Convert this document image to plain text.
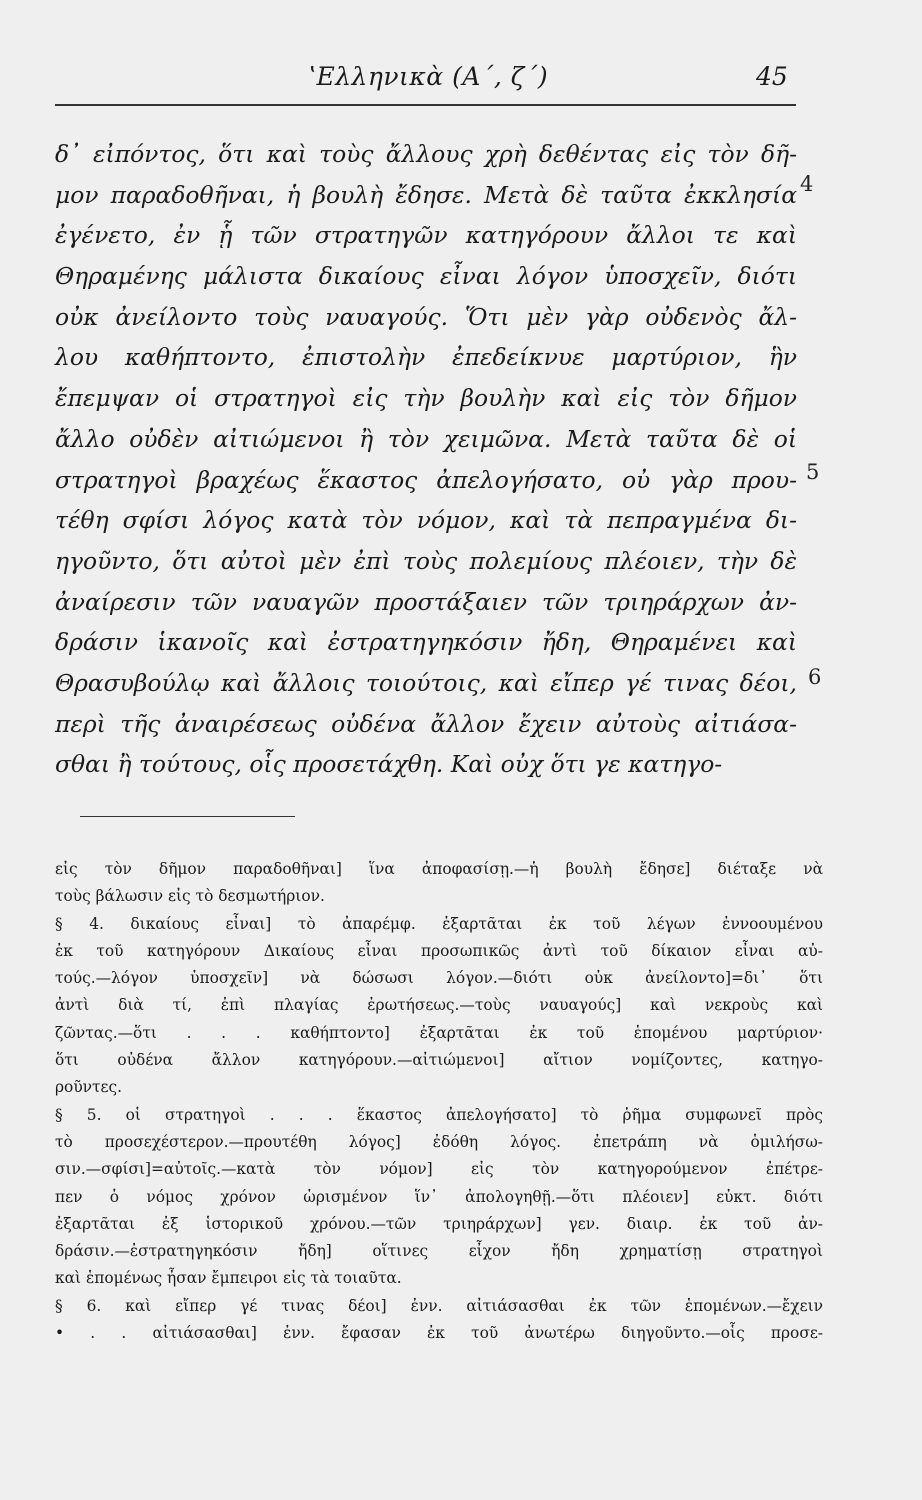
ʽΕλληνικὰ (Α΄, ζ΄)	45
δ᾽ εἰπόντος, ὅτι καὶ τοὺς ἄλλους χρὴ δεθέντας εἰς τὸν δῆ-
μον παραδοθῆναι, ἡ βουλὴ ἔδησε. Μετὰ δὲ ταῦτα ἐκκλησία
ἐγένετο, ἐν ᾗ τῶν στρατηγῶν κατηγόρουν ἄλλοι τε καὶ
Θηραμένης μάλιστα δικαίους εἶναι λόγον ὑποσχεῖν, διότι
οὐκ ἀνείλοντο τοὺς ναυαγούς. Ὅτι μὲν γὰρ οὐδενὸς ἄλ-
λου καθήπτοντο, ἐπιστολὴν ἐπεδείκνυε μαρτύριον, ἣν
ἔπεμψαν οἱ στρατηγοὶ εἰς τὴν βουλὴν καὶ εἰς τὸν δῆμον
ἄλλο οὐδὲν αἰτιώμενοι ἢ τὸν χειμῶνα. Μετὰ ταῦτα δὲ οἱ
στρατηγοὶ βραχέως ἕκαστος ἀπελογήσατο, οὐ γὰρ πρου-
τέθη σφίσι λόγος κατὰ τὸν νόμον, καὶ τὰ πεπραγμένα δι-
ηγοῦντο, ὅτι αὐτοὶ μὲν ἐπὶ τοὺς πολεμίους πλέοιεν, τὴν δὲ
ἀναίρεσιν τῶν ναυαγῶν προστάξαιεν τῶν τριηράρχων ἀν-
δράσιν ἱκανοῖς καὶ ἐστρατηγηκόσιν ἤδη, Θηραμένει καὶ
Θρασυβούλῳ καὶ ἄλλοις τοιούτοις, καὶ εἴπερ γέ τινας δέοι,
περὶ τῆς ἀναιρέσεως οὐδένα ἄλλον ἔχειν αὐτοὺς αἰτιάσα-
σθαι ἢ τούτους, οἷς προσετάχθη. Καὶ οὐχ ὅτι γε κατηγο-
4
5
6
εἰς τὸν δῆμον παραδοθῆναι] ἵνα ἀποφασίσῃ.—ἡ βουλὴ ἔδησε] διέταξε νὰ
τοὺς βάλωσιν εἰς τὸ δεσμωτήριον.
§ 4. δικαίους εἶναι] τὸ ἀπαρέμφ. ἐξαρτᾶται ἐκ τοῦ λέγων ἐννοουμένου
ἐκ τοῦ κατηγόρουν Δικαίους εἶναι προσωπικῶς ἀντὶ τοῦ δίκαιον εἶναι αὐ-
τούς.—λόγον ὑποσχεῖν] νὰ δώσωσι λόγον.—διότι οὐκ ἀνείλοντο]=δι᾽ ὅτι
ἀντὶ διὰ τί, ἐπὶ πλαγίας ἐρωτήσεως.—τοὺς ναυαγούς] καὶ νεκροὺς καὶ
ζῶντας.—ὅτι . . . καθήπτοντο] ἐξαρτᾶται ἐκ τοῦ ἑπομένου μαρτύριον·
ὅτι οὐδένα ἄλλον κατηγόρουν.—αἰτιώμενοι] αἴτιον νομίζοντες, κατηγο-
ροῦντες.
§ 5. οἱ στρατηγοὶ . . . ἕκαστος ἀπελογήσατο] τὸ ῥῆμα συμφωνεῖ πρὸς
τὸ προσεχέστερον.—προυτέθη λόγος] ἐδόθη λόγος. ἐπετράπη νὰ ὁμιλήσω-
σιν.—σφίσι]=αὐτοῖς.—κατὰ τὸν νόμον] εἰς τὸν κατηγορούμενον ἐπέτρε-
πεν ὁ νόμος χρόνον ὡρισμένον ἵν᾽ ἀπολογηθῇ.—ὅτι πλέοιεν] εὐκτ. διότι
ἐξαρτᾶται ἐξ ἱστορικοῦ χρόνου.—τῶν τριηράρχων] γεν. διαιρ. ἐκ τοῦ ἀν-
δράσιν.—ἐστρατηγηκόσιν ἤδη] οἵτινες εἶχον ἤδη χρηματίσῃ στρατηγοὶ
καὶ ἑπομένως ἦσαν ἔμπειροι εἰς τὰ τοιαῦτα.
§ 6. καὶ εἴπερ γέ τινας δέοι] ἐνν. αἰτιάσασθαι ἐκ τῶν ἑπομένων.—ἔχειν
• . . αἰτιάσασθαι] ἐνν. ἔφασαν ἐκ τοῦ ἀνωτέρω διηγοῦντο.—οἷς προσε-
